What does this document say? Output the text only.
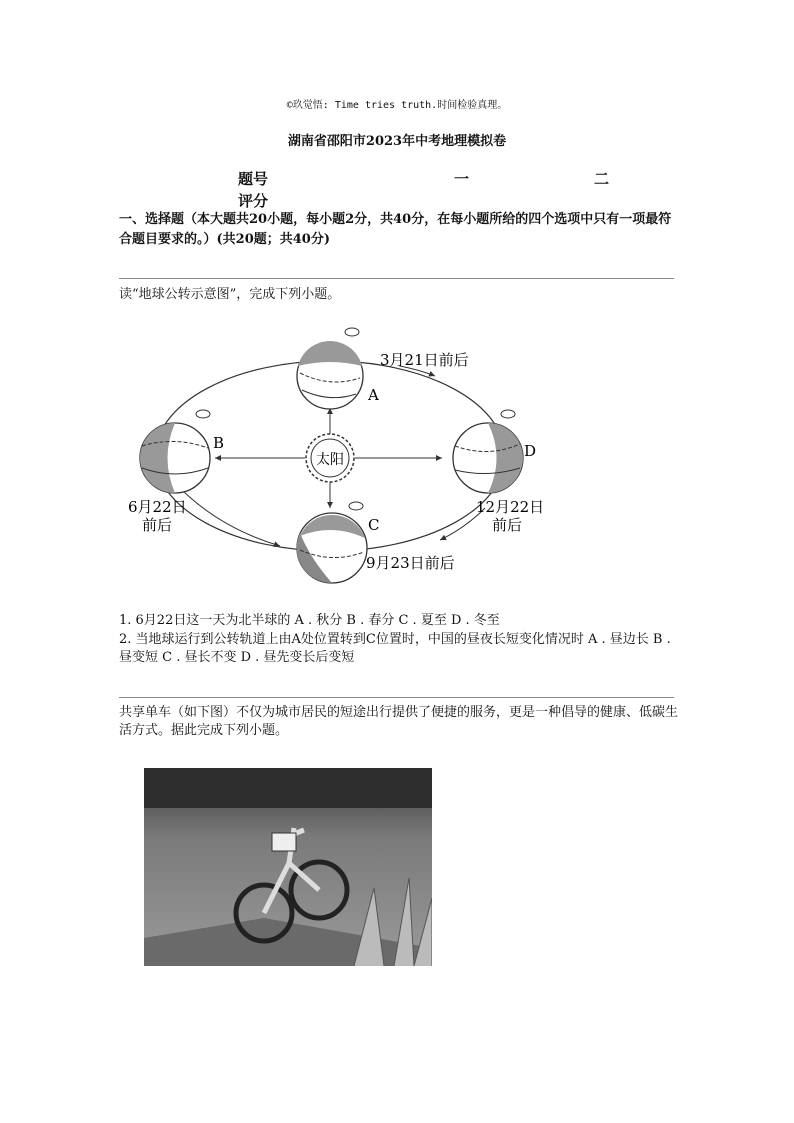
©玖觉悟: Time tries truth.时间检验真理。
湖南省邵阳市2023年中考地理模拟卷
题号	一	二
评分
一、选择题（本大题共20小题，每小题2分，共40分，在每小题所给的四个选项中只有一项最符合题目要求的。）(共20题；共40分)
读“地球公转示意图”，完成下列小题。
太阳
3月21日前后
A
B
6月22日
前后	C
9月23日前后
D
12月22日
前后
1. 6月22日这一天为北半球的 A . 秋分 B . 春分 C . 夏至 D . 冬至
2. 当地球运行到公转轨道上由A处位置转到C位置时，中国的昼夜长短变化情况时 A . 昼边长 B . 昼变短 C . 昼长不变 D . 昼先变长后变短
共享单车（如下图）不仅为城市居民的短途出行提供了便捷的服务，更是一种倡导的健康、低碳生活方式。据此完成下列小题。
